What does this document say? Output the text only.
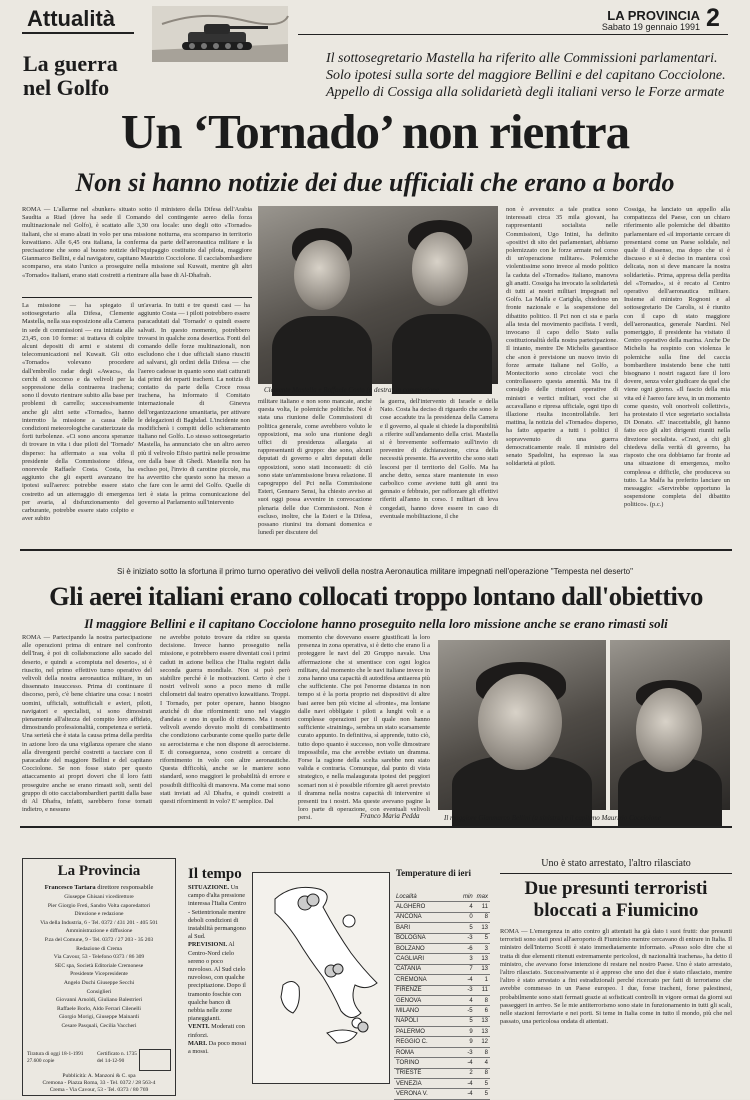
Attualità	LA PROVINCIA
Sabato 19 gennaio 1991 2
La guerra
nel Golfo
Il sottosegretario Mastella ha riferito alle Commissioni parlamentari.
Solo ipotesi sulla sorte del maggiore Bellini e del capitano Cocciolone.
Appello di Cossiga alla solidarietà degli italiani verso le Forze armate
Un ‘Tornado’ non rientra
Non si hanno notizie dei due ufficiali che erano a bordo
ROMA — L'allarme nel «bunker» situato sotto il ministero della Difesa dell'Arabia Saudita a Riad (dove ha sede il Comando del contingente aereo della forza multinazionale nel Golfo), è scattato alle 3,30 ora locale: uno degli otto «Tornado» italiani, che si erano alzati in volo per una missione notturna, era scomparso in territorio kuwaitiano. Alle 6,45 ora italiana, la conferma da parte dell'aeronautica militare e la precisazione che sono al buono notizie dell'equipaggio costituito dal pilota, maggiore Gianmarco Bellini, e dal navigatore, capitano Maurizio Cocciolone. Il cacciabombardiere scomparso, era stato l'unico a proseguire nella missione sul Kuwait, mentre gli altri «Tornado» italiani, erano stati costretti a rientrare alla base di Al-Dhafrah.
La missione — ha spiegato il sottosegretario alla Difesa, Clemente Mastella, nella sua esposizione alla Camera in sede di commissioni — era iniziata alle 23,45, con 10 forme: si trattava di colpire alcuni depositi di armi e sistemi di telecomunicazioni nel Kuwait. Gli otto «Tornado» volevano procedere dall'embrollo radar degli «Awacs», da cerchi di soccorso e da velivoli per la soppressione della contraerea irachena; sono il dovuto rientrare subito alla base per problemi di carrello; successivamente anche gli altri sette «Tornado», hanno interrotto la missione a causa delle condizioni meteorologiche caratterizzate da forti turbolenze. «Ci sono ancora speranze di trovare in vita i due piloti del 'Tornado' disperso: ha affermato a sua volta il presidente della Commissione difesa, onorevole Raffaele Costa. Costa, ha aggiunto che gli esperti avanzano tre ipotesi sull'aereo: potrebbe essere stato costretto ad un atterraggio di emergenza per avaria, al disfunzionamento del carburante, potrebbe essere stato colpito e aver subito
un'avaria. In tutti e tre questi casi — ha aggiunto Costa — i piloti potrebbero essere paracadutati dal 'Tornado' o quindi essere salvati. In questo momento, potrebbero trovarsi in qualche zona desertica. Fonti del comando delle forze multinazionali, non escludono che i due ufficiali siano riusciti ad salvarsi, gli ordini della Difesa — che l'aereo cadesse in quanto sono stati catturati dai primi dei reparti iracheni. La notizia di contatto da parte della Croce rossa irachena, ha informato il Comitato internazionale di Ginevra dell'organizzazione umanitaria, per attivare le delegazioni di Baghdad. L'incidente non modificherà i compiti dello schieramento italiano nel Golfo. Lo stesso sottosegretario Mastella, ha annunciato che un altro aereo più il velivolo Efisio partirà nelle prossime ore dalla base di Ghedi. Mastella non ha escluso poi, l'invio di carotine piccole, ma ha avvertito che questo sono ha messo a che fare con le armi del Golfo. Quelle di ieri è stata la prima comunicazione del governo al Parlamento sull'intervento
Clemente Mastella e Raffaele Costa (a destra) in commissione
militare italiano e non sono mancate, anche questa volta, le polemiche politiche. Noi è stata una riunione delle Commissioni di politica generale, come avrebbero voluto le opposizioni, ma solo una riunione degli uffici di presidenza allargata ai rappresentanti di gruppo: due sono, alcuni deputati di governo e altri deputati delle opposizioni, sono stati inconsueti: di ciò sono state un'ammissione brava relazione. Il capogruppo del Pci nella Commissione Esteri, Gennaro Sensi, ha chiesto avviso ai suoi oggi possa avvenire in convocazione plenaria delle due Commissioni. Non è escluso, inoltre, che la Esteri e la Difesa, possano riunirsi tra domani domenica e lunedì per discutere del
la guerra, dell'intervento di Israele e della Nato. Costa ha deciso di riguardo che sono le cose accadute tra la presidenza della Camera e il governo, al quale si chiede la disponibilità a riferire sull'andamento della crisi. Mastella si è brevemente soffermato sull'invio di prevenire di dichiarazione, circa della necessità presente. Ha avvertito che sono stati lescorsi per il territorio del Golfo. Ma ha anche detto, senza stare mantenute in esso carbolico come avviene tutti gli anni tra gennaio e febbraio, per rafforzare gli effettivi riferiti all'anno in corso. I militari di leva congedati, hanno dove essere in caso di eventuale mobilitazione, il che
non è avvenuto: a tale pratica sono interessati circa 35 mila giovani, ha rappresentanti socialista nelle Commissioni, Ugo Intini, ha definito «positivi di sito dei parlamentari, abbiamo polemizzato con le forze armate nel corso di un'operazione militare». Polemiche violentissime sono invece al modo politico la caduta del «Tornado» italiano, manovra gli anatti. Cossiga ha invocato la solidarietà di tutti ai nostri militari impegnati nel Golfo. La Malfa e Carighla, chiedono un fronte nazionale e la sospensione del dibattito politico. Il Pci non ci sta e parla alla testa del movimento pacifista. I verdi, invocano il capo dello Stato sulla costituzionalità della nostra partecipazione. Il intanto, mentre De Michelis garantisce che «non è previsione un nuovo invio di forze armate italiane nel Golfo, a Montecitorio sono circolate voci che controllassero questa amenità. Ma tra il consiglio delle riunioni operative di ministri e vertici militari, voci che si accavallano e ripresa ufficiale, ogni tipo di illazione risulta incontrollabile. Ieri mattina, la notizia del «Tornado» disperso, ha fatto apparire a tutti i politici il sopravvenuto di una guerra democraticamente reale. Il ministro del senato Spadolini, ha espresso la sua solidarietà ai piloti.
Cossiga, ha lanciato un appello alla compattezza del Paese, con un chiaro riferimento alle polemiche del dibattito parlamentare ed «il importante cercare di presentarsi come un Paese solidale, nel quale il dissenso, ma dopo che si è discusso e si è deciso in maniera così delicata, non si deve mancare la nostra solidarietà». Prima, appresa della perdita del «Tornado», si è recato al Centro operativo dell'aeronautica militare. Insieme al ministro Rognoni e al sottosegretario De Carolis, si è riunito con il capo di stato maggiore dell'aeronautica, generale Nardini. Nel pomeriggio, il presidente ha visitato il Centro operativo della marina. Anche De Michelis ha respinto con violenza le polemiche sulla fine del caccia bombardiere insistendo bene che tutti bisognano i nostri ragazzi fare il loro dovere, senza voler giudicare da quel che viene ogni giorno. «Il fascio della mia vita ed è l'aereo fare ieva, in un momento come questo, voli onorivoli collettivi», ha protestato il vice segretario socialista Di Donato. «E' inaccettabile, gli hanno fatto eco gli altri dirigenti riuniti nella direzione socialista. «Craxi, a chi gli chiedeva della verità di governo, ha risposto che ora dobbiamo far fronte ad una situazione di emergenza, molto complessa e difficile, che produceva su tutto. La Malfa ha preferito lanciare un messaggio: «Servirebbe opportuno la sospensione completa del dibattito politico». (p.c.)
Si è iniziato sotto la sfortuna il primo turno operativo dei velivoli della nostra Aeronautica militare impegnati nell'operazione "Tempesta nel deserto"
Gli aerei italiani erano collocati troppo lontano dall'obiettivo
Il maggiore Bellini e il capitano Cocciolone hanno proseguito nella loro missione anche se erano rimasti soli
ROMA — Partecipando la nostra partecipazione alle operazioni prima di entrare nel confronto dell'Iraq, è poi di collaborazione allo sacado del deserto, e quindi a «compiuta nel deserto», si è riuscito, nel primo effettivo turno operativo del velivoli della nostra aeronautica militare, in un dissennato insuccesso. Prima di continuare il discorso, però, c'è bene chiarire una cosa: i nostri uomini, ufficiali, sottufficiali e avieri, piloti, navigatori e specialisti, si sono dimostrati pienamente all'altezza del compito loro affidato, dimostrando professionalità, competenza e serietà. Una serietà che è stata la causa prima della perdita in azione loro da una vigilanza operare che siano alla divergenti perché costretti a tacciare con il paracadute del maggiore Bellini e del capitano Cocciolone. Se non fosse stato per questo attaccamento ai propri doveri che il loro fatti proseguire anche se erano rimasti soli, senti del gruppo di otto cacciabombardieri partiti dalla base di Al Dhafra, infatti, sarebbero forse tornati indietro, e nessuno
ne avrebbe potuto trovare da ridire su questa decisione. Invece hanno proseguito nella missione, e potrebbero essere diventati così i primi caduti in azione bellica che l'Italia registri dalla seconda guerra mondiale. Non si può però stabilire perché è le motivazioni. Certo è che i nostri velivoli sono a poco meno di mille chilometri dal teatro operativo kuwaitiano. Troppi. I Tornado, per poter operare, hanno bisogno anziché di due rifornimenti: uno nel viaggio d'andata e uno in quello di ritorno. Ma i nostri velivoli avendo dovuto molti di combattimento che condiziono carburante come quello parte delle su aerocisterna e che non dispone di aerocisterne. E di conseguenza, sono costretti a cercare di rifornimento in volo con altre aeronautiche. Questa difficoltà, anche se le maniere sono standard, sono maggiori le probabilità di errore e possibili difficoltà di manovra. Ma come mai sono stati inviati ad Al Dhafra, e quindi costretti a questi rifornimenti in volo? E' semplice. Dal
momento che dovevano essere giustificati la loro presenza in zona operativa, si è detto che erano lì a proteggere le navi del 20 Gruppo navale. Una affermazione che si smentisce con ogni logica militare, dal momento che le navi italiane invece in zona hanno una capacità di autodifesa antiaerea più che sufficiente. Che poi l'enorme distanza in non tempo si è la porta proprio nei dispositivi di altre basi aeree ben più vicine al «fronte», ma lontane dalle navi obbligate i piloti a lunghi voli e a complesse operazioni per il quale non hanno sufficiente «training», sembra un stato scarsamente curato appunto. In definitiva, sì apprende, tutto ciò, tutto dopo quanto è successo, non volle dimostrare impossibile, ma che avrebbe evitato un dramma. Forse la ragione della scelta sarebbe non stato valida e contraria. Comunque, dal punto di vista strategico, e nella malaugurata ipotesi dei peggiori scenari non si è possibile rifornire gli aerei previsto il dramma nella nostra capacità di intervenire si presenti tra i nostri. Ma queste avevano pagine la loro parte di operazione, con eventuali velivoli persi.	Franco Maria Pedda	Il maggiore Gianmarco Bellini (a sinistra) e il capitano Maurizio Cocciolone
La Provincia
Francesco Tartara direttore responsabile
Giuseppe Ghisani vicedirettore
Pier Giorgio Freti, Sandro Volta caporedattori
Direzione e redazione
Via della Industria, 6 - Tel. 0372 / 431 201 - 405 501
Amministrazione e diffusione
P.za del Comune, 9 - Tel. 0372 / 27 203 - 35 203
Redazione di Crema
Via Cavour, 53 - Telefono 0373 / 86 309
SEC spa, Società Editoriale Cremonese
Presidente Vicepresidente
Angelo Duchi Giuseppe Secchi
Consiglieri
Giovanni Arnoldi, Giuliano Balestrieri
Raffaele Borlo, Aldo Ferrari Cilenelli
Giorgio Morigi, Giuseppe Mainardi
Cesare Pasquali, Cecilia Vaccheri
Tiratura di oggi 18-1-1991 27.600 copie
Certificato n. 1735 del 14-12-90
Pubblicità: A. Manzoni & C. spa
Cremona - Piazza Roma, 33 - Tel. 0372 / 28 563-4
Crema - Via Cavour, 53 - Tel. 0373 / 80 769
Il tempo
SITUAZIONE. Un campo d'alta pressione interessa l'Italia Centro - Settentrionale mentre deboli condizioni di instabilità permangono al Sud.
PREVISIONI. Al Centro-Nord cielo sereno o poco nuvoloso. Al Sud cielo nuvoloso, con qualche precipitazione. Dopo il tramonto foschie con qualche banco di nebbia nelle zone pianeggianti.
VENTI. Moderati con rinforzi.
MARI. Da poco mossi a mossi.
Temperature di ieri
Località	min	max
ALGHERO	4	11
ANCONA	0	8
BARI	5	13
BOLOGNA	-3	5
BOLZANO	-6	3
CAGLIARI	3	13
CATANIA	7	13
CREMONA	-4	1
FIRENZE	-3	11
GENOVA	4	8
MILANO	-5	6
NAPOLI	5	13
PALERMO	9	13
REGGIO C.	9	12
ROMA	-3	8
TORINO	-4	4
TRIESTE	2	8
VENEZIA	-4	5
VERONA V.	-4	5
Uno è stato arrestato, l'altro rilasciato
Due presunti terroristi
bloccati a Fiumicino
ROMA — L'emergenza in atto contro gli attentati ha già dato i suoi frutti: due presunti terroristi sono stati presi all'aeroporto di Fiumicino mentre cercavano di entrare in Italia. Il ministro dell'Interno Scotti è stato immediatamente informato. «Posso solo dire che si tratta di due elementi ritenuti estremamente pericolosi, di nazionalità irachena», ha detto il ministro, che avevano forse intenzione di restare nel nostro Paese. Uno è stato arrestato, l'altro rilasciato. Successivamente si è appreso che uno dei due è stato rilasciato, mentre l'altro è stato arrestato a fini estradizionali perché ricercato per fatti di terrorismo che avrebbe commesso in un Paese europeo. I due, forse iracheni, forse palestinesi, probabilmente sono stati fermati grazie ai sofisticati controlli in vigore ormai da giorni sui passeggeri in arrivo. Se le mie antiterrorismo sono state in funzionamento in tutti gli scali, nelle stazioni ferroviarie e nei porti. Si teme in Italia come in tutto il mondo, più che nel passato, una pericolosa ondata di attentati.
